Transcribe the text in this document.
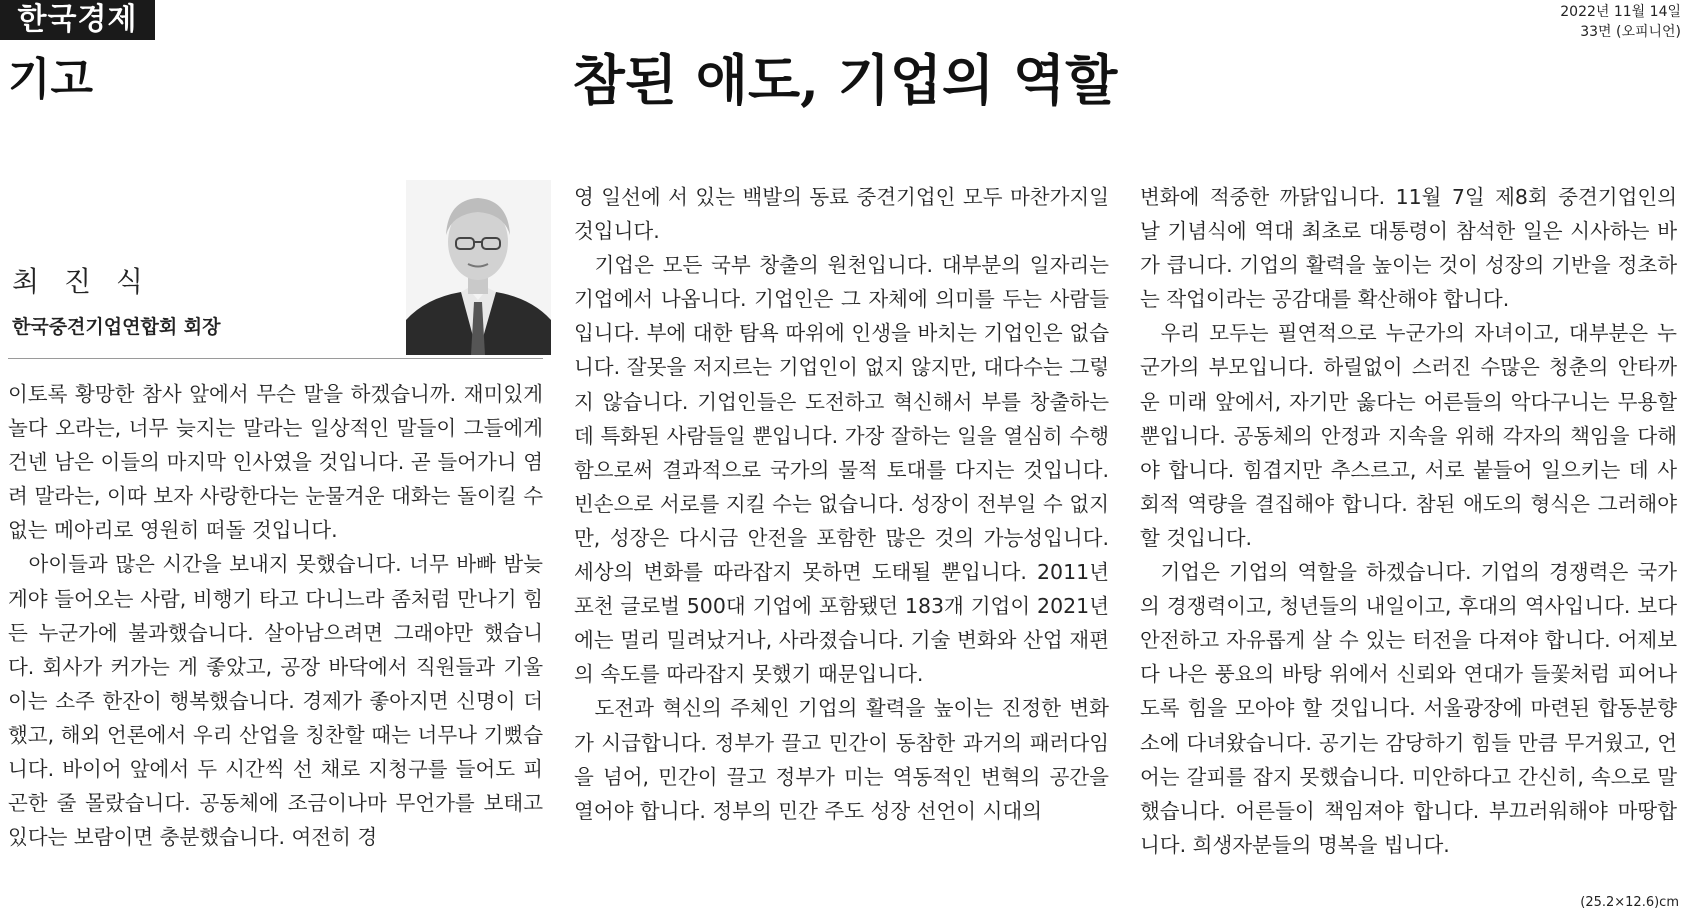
한국경제	2022년 11월 14일
33면 (오피니언)
기고	참된 애도, 기업의 역할
최 진 식
한국중견기업연합회 회장

이토록 황망한 참사 앞에서 무슨 말을 하겠습니까. 재미있게 놀다 오라는, 너무 늦지는 말라는 일상적인 말들이 그들에게 건넨 남은 이들의 마지막 인사였을 것입니다. 곧 들어가니 염려 말라는, 이따 보자 사랑한다는 눈물겨운 대화는 돌이킬 수 없는 메아리로 영원히 떠돌 것입니다.

아이들과 많은 시간을 보내지 못했습니다. 너무 바빠 밤늦게야 들어오는 사람, 비행기 타고 다니느라 좀처럼 만나기 힘든 누군가에 불과했습니다. 살아남으려면 그래야만 했습니다. 회사가 커가는 게 좋았고, 공장 바닥에서 직원들과 기울이는 소주 한잔이 행복했습니다. 경제가 좋아지면 신명이 더했고, 해외 언론에서 우리 산업을 칭찬할 때는 너무나 기뻤습니다. 바이어 앞에서 두 시간씩 선 채로 지청구를 들어도 피곤한 줄 몰랐습니다. 공동체에 조금이나마 무언가를 보태고 있다는 보람이면 충분했습니다. 여전히 경

영 일선에 서 있는 백발의 동료 중견기업인 모두 마찬가지일 것입니다.

기업은 모든 국부 창출의 원천입니다. 대부분의 일자리는 기업에서 나옵니다. 기업인은 그 자체에 의미를 두는 사람들입니다. 부에 대한 탐욕 따위에 인생을 바치는 기업인은 없습니다. 잘못을 저지르는 기업인이 없지 않지만, 대다수는 그렇지 않습니다. 기업인들은 도전하고 혁신해서 부를 창출하는 데 특화된 사람들일 뿐입니다. 가장 잘하는 일을 열심히 수행함으로써 결과적으로 국가의 물적 토대를 다지는 것입니다. 빈손으로 서로를 지킬 수는 없습니다. 성장이 전부일 수 없지만, 성장은 다시금 안전을 포함한 많은 것의 가능성입니다. 세상의 변화를 따라잡지 못하면 도태될 뿐입니다. 2011년 포천 글로벌 500대 기업에 포함됐던 183개 기업이 2021년에는 멀리 밀려났거나, 사라졌습니다. 기술 변화와 산업 재편의 속도를 따라잡지 못했기 때문입니다.

도전과 혁신의 주체인 기업의 활력을 높이는 진정한 변화가 시급합니다. 정부가 끌고 민간이 동참한 과거의 패러다임을 넘어, 민간이 끌고 정부가 미는 역동적인 변혁의 공간을 열어야 합니다. 정부의 민간 주도 성장 선언이 시대의

변화에 적중한 까닭입니다. 11월 7일 제8회 중견기업인의 날 기념식에 역대 최초로 대통령이 참석한 일은 시사하는 바가 큽니다. 기업의 활력을 높이는 것이 성장의 기반을 정초하는 작업이라는 공감대를 확산해야 합니다.

우리 모두는 필연적으로 누군가의 자녀이고, 대부분은 누군가의 부모입니다. 하릴없이 스러진 수많은 청춘의 안타까운 미래 앞에서, 자기만 옳다는 어른들의 악다구니는 무용할 뿐입니다. 공동체의 안정과 지속을 위해 각자의 책임을 다해야 합니다. 힘겹지만 추스르고, 서로 붙들어 일으키는 데 사회적 역량을 결집해야 합니다. 참된 애도의 형식은 그러해야 할 것입니다.

기업은 기업의 역할을 하겠습니다. 기업의 경쟁력은 국가의 경쟁력이고, 청년들의 내일이고, 후대의 역사입니다. 보다 안전하고 자유롭게 살 수 있는 터전을 다져야 합니다. 어제보다 나은 풍요의 바탕 위에서 신뢰와 연대가 들꽃처럼 피어나도록 힘을 모아야 할 것입니다. 서울광장에 마련된 합동분향소에 다녀왔습니다. 공기는 감당하기 힘들 만큼 무거웠고, 언어는 갈피를 잡지 못했습니다. 미안하다고 간신히, 속으로 말했습니다. 어른들이 책임져야 합니다. 부끄러워해야 마땅합니다. 희생자분들의 명복을 빕니다.

(25.2×12.6)cm
